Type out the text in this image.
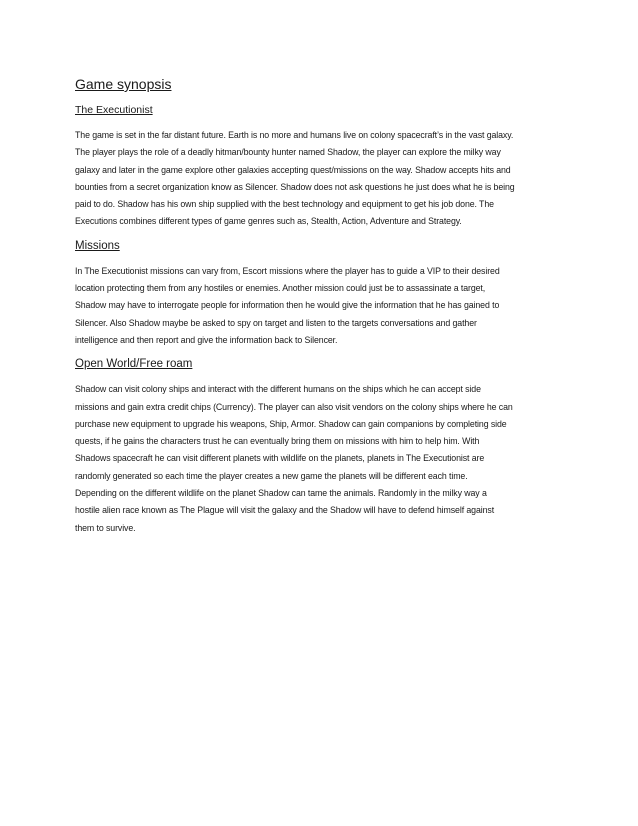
Game synopsis
The Executionist

The game is set in the far distant future. Earth is no more and humans live on colony spacecraft’s in the vast galaxy.
The player plays the role of a deadly hitman/bounty hunter named Shadow, the player can explore the milky way
galaxy and later in the game explore other galaxies accepting quest/missions on the way. Shadow accepts hits and
bounties from a secret organization know as Silencer. Shadow does not ask questions he just does what he is being
paid to do. Shadow has his own ship supplied with the best technology and equipment to get his job done. The
Executions combines different types of game genres such as, Stealth, Action, Adventure and Strategy.

Missions

In The Executionist missions can vary from, Escort missions where the player has to guide a VIP to their desired
location protecting them from any hostiles or enemies. Another mission could just be to assassinate a target,
Shadow may have to interrogate people for information then he would give the information that he has gained to
Silencer. Also Shadow maybe be asked to spy on target and listen to the targets conversations and gather
intelligence and then report and give the information back to Silencer.

Open World/Free roam

Shadow can visit colony ships and interact with the different humans on the ships which he can accept side
missions and gain extra credit chips (Currency). The player can also visit vendors on the colony ships where he can
purchase new equipment to upgrade his weapons, Ship, Armor. Shadow can gain companions by completing side
quests, if he gains the characters trust he can eventually bring them on missions with him to help him. With
Shadows spacecraft he can visit different planets with wildlife on the planets, planets in The Executionist are
randomly generated so each time the player creates a new game the planets will be different each time.
Depending on the different wildlife on the planet Shadow can tame the animals. Randomly in the milky way a
hostile alien race known as The Plague will visit the galaxy and the Shadow will have to defend himself against
them to survive.
